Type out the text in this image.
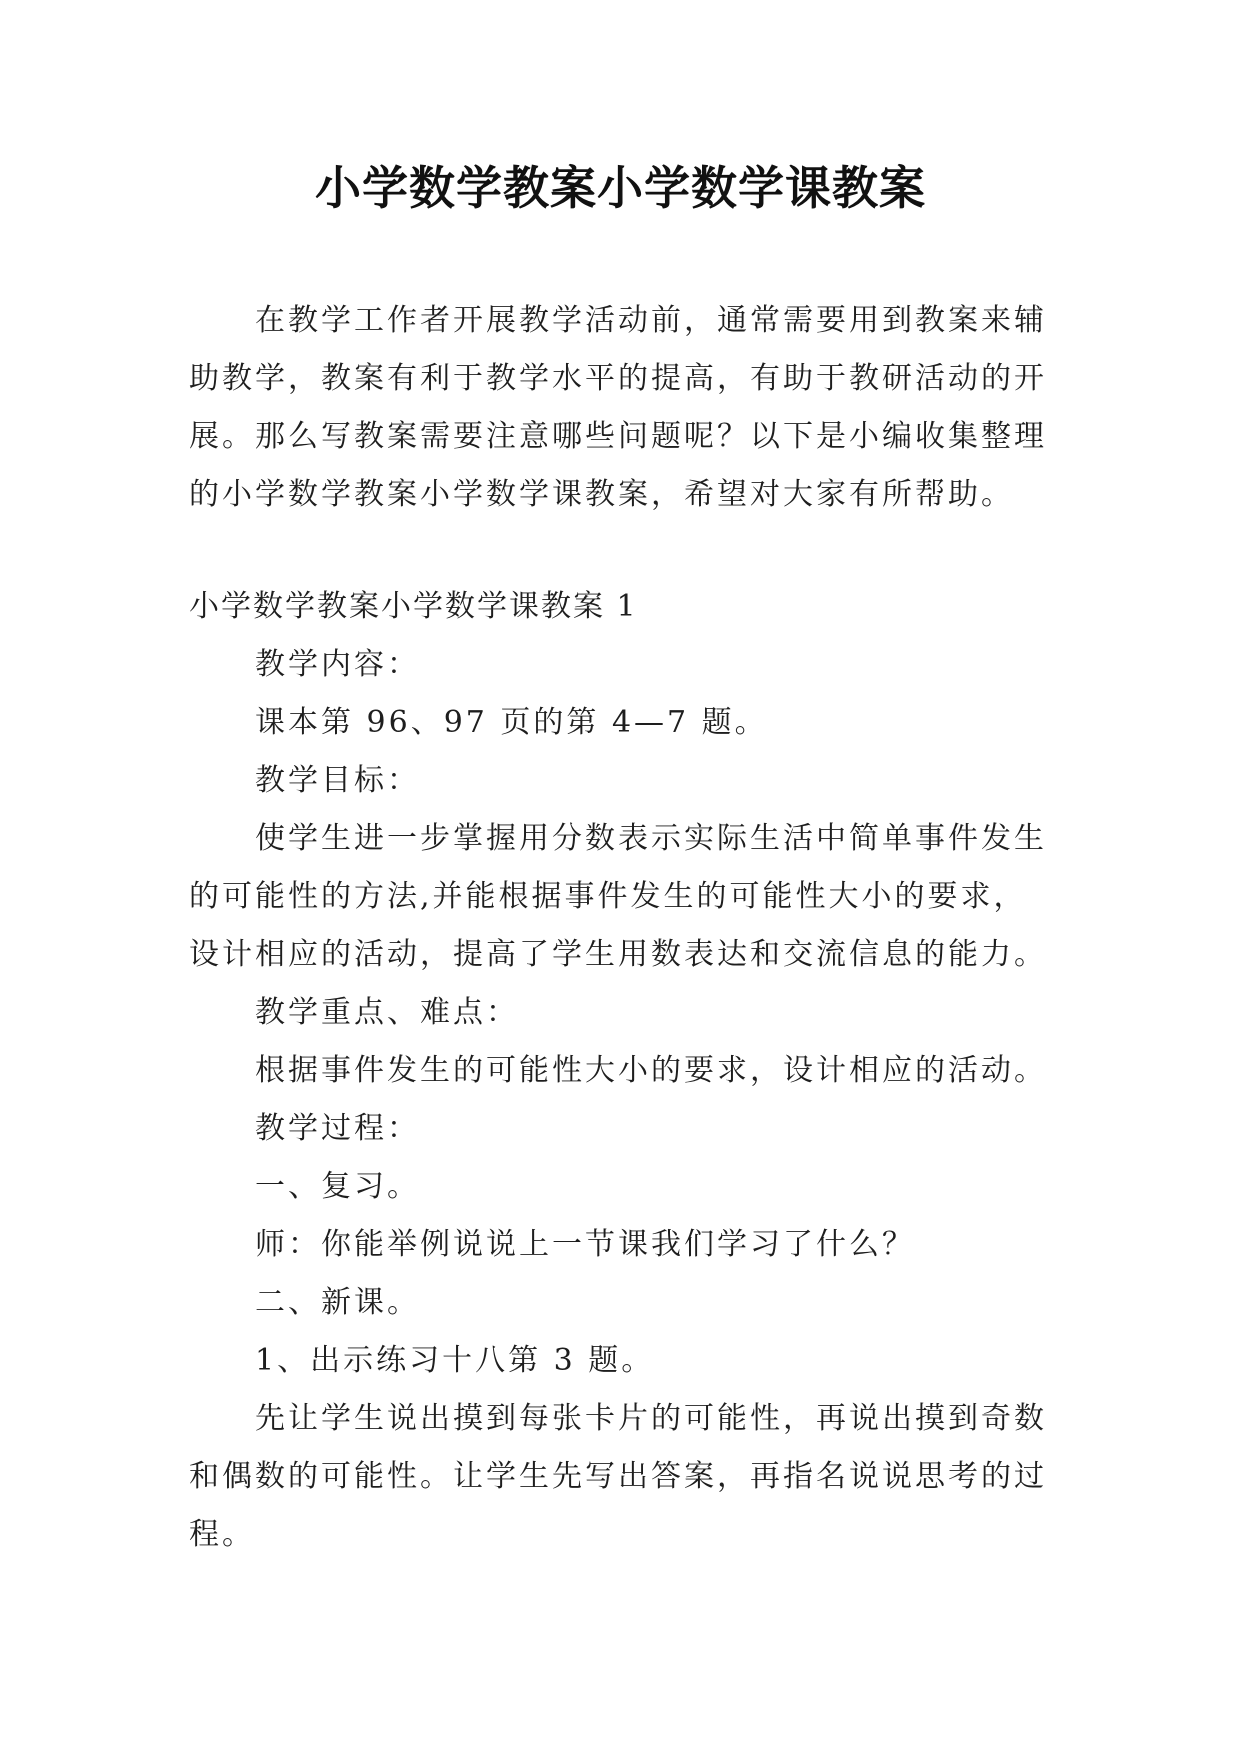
小学数学教案小学数学课教案
在教学工作者开展教学活动前，通常需要用到教案来辅助教学，教案有利于教学水平的提高，有助于教研活动的开展。那么写教案需要注意哪些问题呢？以下是小编收集整理的小学数学教案小学数学课教案，希望对大家有所帮助。
小学数学教案小学数学课教案 1
教学内容：
课本第 96、97 页的第 4—7 题。
教学目标：
使学生进一步掌握用分数表示实际生活中简单事件发生的可能性的方法,并能根据事件发生的可能性大小的要求，设计相应的活动，提高了学生用数表达和交流信息的能力。
教学重点、难点：
根据事件发生的可能性大小的要求，设计相应的活动。
教学过程：
一、复习。
师：你能举例说说上一节课我们学习了什么？
二、新课。
1、出示练习十八第 3 题。
先让学生说出摸到每张卡片的可能性，再说出摸到奇数和偶数的可能性。让学生先写出答案，再指名说说思考的过程。
